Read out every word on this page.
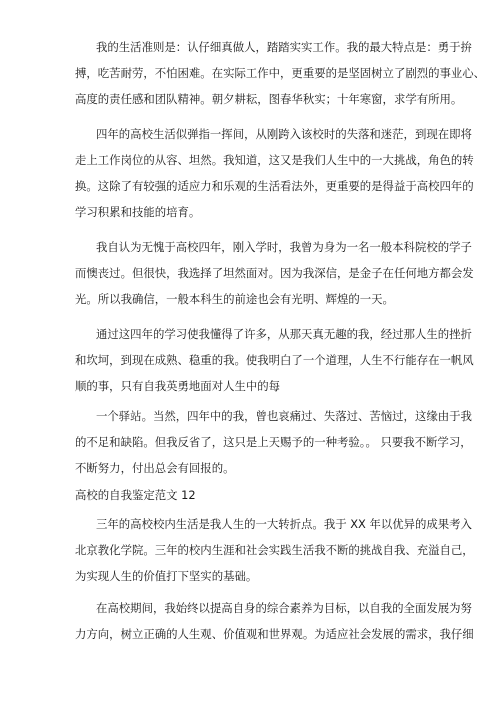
我的生活准则是：认仔细真做人，踏踏实实工作。我的最大特点是：勇于拚
搏，吃苦耐劳，不怕困难。在实际工作中，更重要的是坚固树立了剧烈的事业心、
高度的责任感和团队精神。朝夕耕耘，图春华秋实；十年寒窗，求学有所用。
四年的高校生活似弹指一挥间，从刚跨入该校时的失落和迷茫，到现在即将
走上工作岗位的从容、坦然。我知道，这又是我们人生中的一大挑战，角色的转
换。这除了有较强的适应力和乐观的生活看法外，更重要的是得益于高校四年的
学习积累和技能的培育。
我自认为无愧于高校四年，刚入学时，我曾为身为一名一般本科院校的学子
而懊丧过。但很快，我选择了坦然面对。因为我深信，是金子在任何地方都会发
光。所以我确信，一般本科生的前途也会有光明、辉煌的一天。
通过这四年的学习使我懂得了许多，从那天真无趣的我，经过那人生的挫折
和坎坷，到现在成熟、稳重的我。使我明白了一个道理，人生不行能存在一帆风
顺的事，只有自我英勇地面对人生中的每
一个驿站。当然，四年中的我，曾也哀痛过、失落过、苦恼过，这缘由于我
的不足和缺陷。但我反省了，这只是上天赐予的一种考验。。 只要我不断学习，
不断努力，付出总会有回报的。
高校的自我鉴定范文 12
三年的高校校内生活是我人生的一大转折点。我于 XX 年以优异的成果考入
北京教化学院。三年的校内生涯和社会实践生活我不断的挑战自我、充溢自己，
为实现人生的价值打下坚实的基础。
在高校期间，我始终以提高自身的综合素养为目标，以自我的全面发展为努
力方向，树立正确的人生观、价值观和世界观。为适应社会发展的需求，我仔细
